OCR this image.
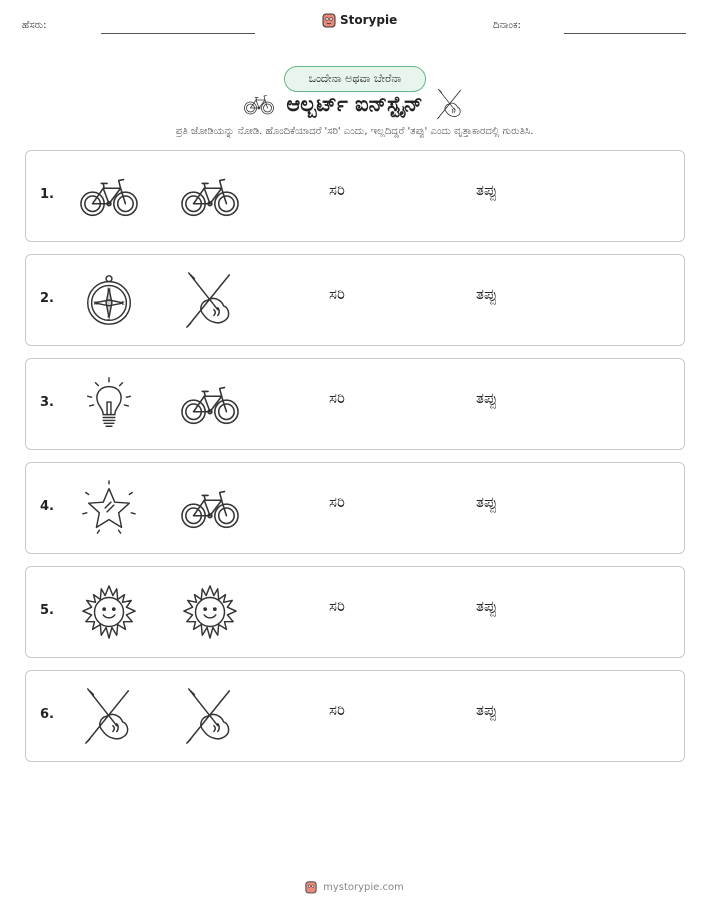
ಹೆಸರು:	Storypie	ದಿನಾಂಕ:
ಒಂದೇನಾ ಅಥವಾ ಬೇರೆನಾ
ಆಲ್ಬರ್ಟ್ ಐನ್‌ಸ್ಟೈನ್
ಪ್ರತಿ ಜೋಡಿಯನ್ನು ನೋಡಿ. ಹೊಂದಿಕೆಯಾದರೆ 'ಸರಿ' ಎಂದು, ಇಲ್ಲದಿದ್ದರೆ 'ತಪ್ಪು' ಎಂದು ವೃತ್ತಾಕಾರದಲ್ಲಿ ಗುರುತಿಸಿ.
1.	ಸರಿ	ತಪ್ಪು
2.	ಸರಿ	ತಪ್ಪು
3.	ಸರಿ	ತಪ್ಪು
4.	ಸರಿ	ತಪ್ಪು
5.	ಸರಿ	ತಪ್ಪು
6.	ಸರಿ	ತಪ್ಪು
mystorypie.com
